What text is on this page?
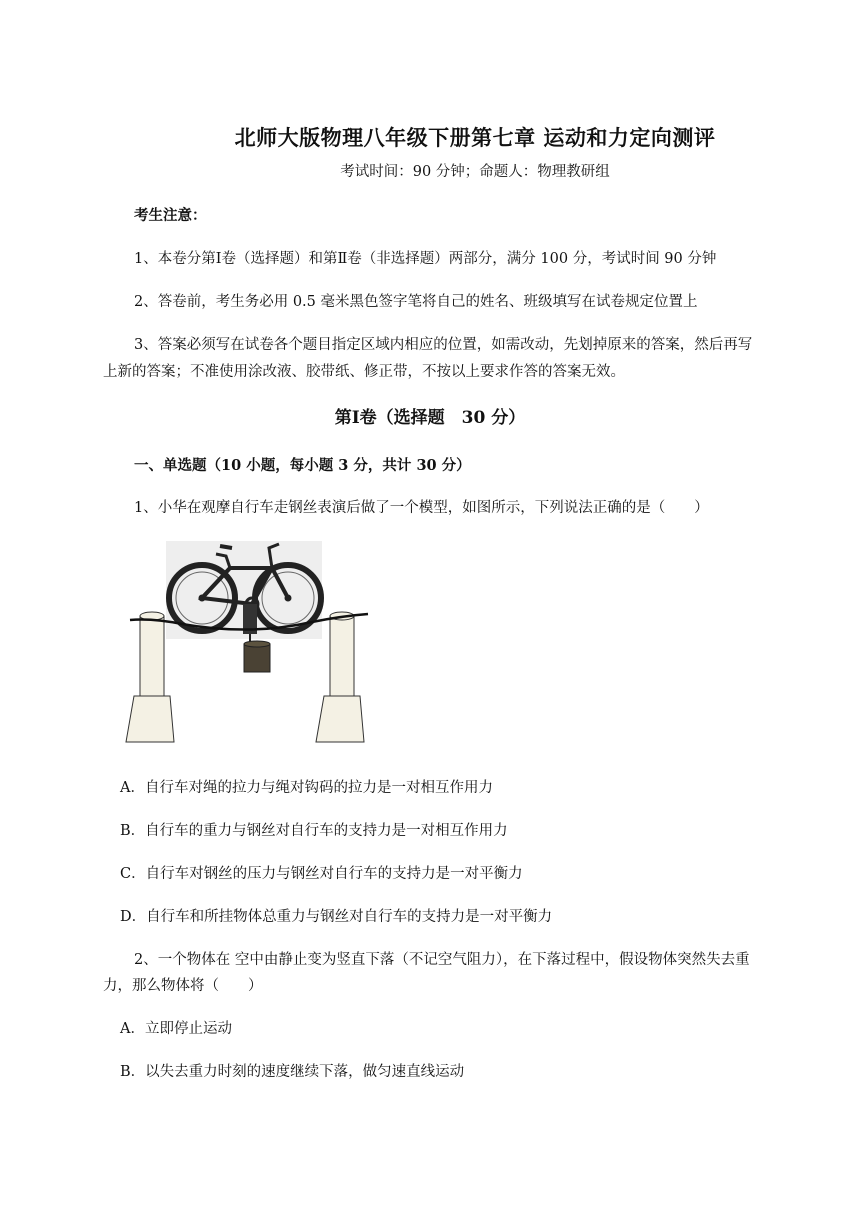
北师大版物理八年级下册第七章 运动和力定向测评
考试时间：90 分钟；命题人：物理教研组
考生注意：
1、本卷分第Ⅰ卷（选择题）和第Ⅱ卷（非选择题）两部分，满分 100 分，考试时间 90 分钟
2、答卷前，考生务必用 0.5 毫米黑色签字笔将自己的姓名、班级填写在试卷规定位置上
3、答案必须写在试卷各个题目指定区域内相应的位置，如需改动，先划掉原来的答案，然后再写
上新的答案；不准使用涂改液、胶带纸、修正带，不按以上要求作答的答案无效。
第Ⅰ卷（选择题　30 分）
一、单选题（10 小题，每小题 3 分，共计 30 分）
1、小华在观摩自行车走钢丝表演后做了一个模型，如图所示，下列说法正确的是（　　）
A．自行车对绳的拉力与绳对钩码的拉力是一对相互作用力
B．自行车的重力与钢丝对自行车的支持力是一对相互作用力
C．自行车对钢丝的压力与钢丝对自行车的支持力是一对平衡力
D．自行车和所挂物体总重力与钢丝对自行车的支持力是一对平衡力
2、一个物体在 空中由静止变为竖直下落（不记空气阻力），在下落过程中，假设物体突然失去重
力，那么物体将（　　）
A．立即停止运动
B．以失去重力时刻的速度继续下落，做匀速直线运动
